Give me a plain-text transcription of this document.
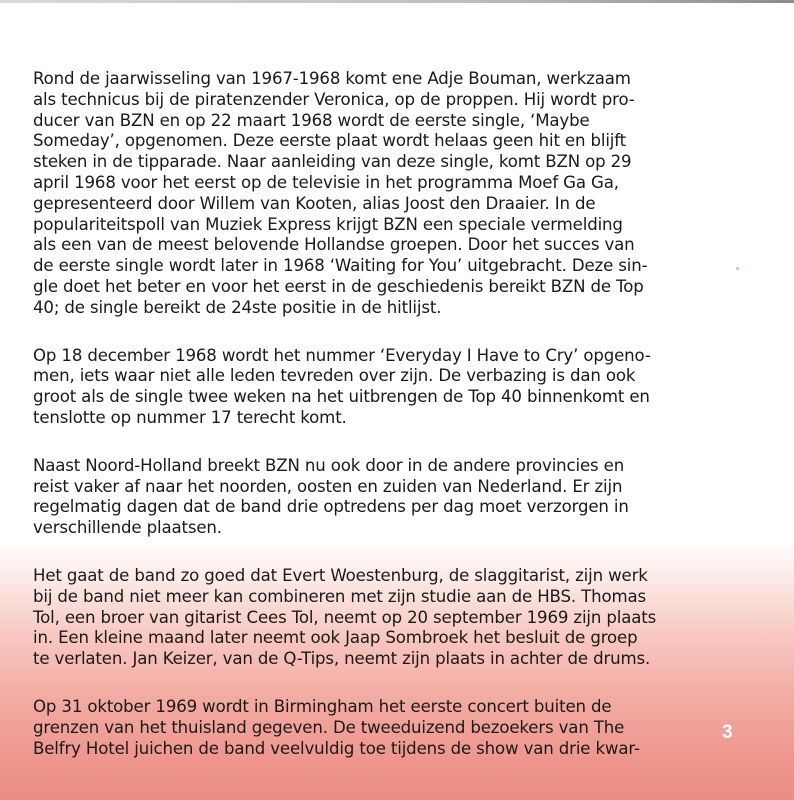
Rond de jaarwisseling van 1967-1968 komt ene Adje Bouman, werkzaam
als technicus bij de piratenzender Veronica, op de proppen. Hij wordt pro-
ducer van BZN en op 22 maart 1968 wordt de eerste single, ‘Maybe
Someday’, opgenomen. Deze eerste plaat wordt helaas geen hit en blijft
steken in de tipparade. Naar aanleiding van deze single, komt BZN op 29
april 1968 voor het eerst op de televisie in het programma Moef Ga Ga,
gepresenteerd door Willem van Kooten, alias Joost den Draaier. In de
populariteitspoll van Muziek Express krijgt BZN een speciale vermelding
als een van de meest belovende Hollandse groepen. Door het succes van
de eerste single wordt later in 1968 ‘Waiting for You’ uitgebracht. Deze sin-
gle doet het beter en voor het eerst in de geschiedenis bereikt BZN de Top
40; de single bereikt de 24ste positie in de hitlijst.

Op 18 december 1968 wordt het nummer ‘Everyday I Have to Cry’ opgeno-
men, iets waar niet alle leden tevreden over zijn. De verbazing is dan ook
groot als de single twee weken na het uitbrengen de Top 40 binnenkomt en
tenslotte op nummer 17 terecht komt.

Naast Noord-Holland breekt BZN nu ook door in de andere provincies en
reist vaker af naar het noorden, oosten en zuiden van Nederland. Er zijn
regelmatig dagen dat de band drie optredens per dag moet verzorgen in
verschillende plaatsen.

Het gaat de band zo goed dat Evert Woestenburg, de slaggitarist, zijn werk
bij de band niet meer kan combineren met zijn studie aan de HBS. Thomas
Tol, een broer van gitarist Cees Tol, neemt op 20 september 1969 zijn plaats
in. Een kleine maand later neemt ook Jaap Sombroek het besluit de groep
te verlaten. Jan Keizer, van de Q-Tips, neemt zijn plaats in achter de drums.

Op 31 oktober 1969 wordt in Birmingham het eerste concert buiten de
grenzen van het thuisland gegeven. De tweeduizend bezoekers van The
Belfry Hotel juichen de band veelvuldig toe tijdens de show van drie kwar-

3
